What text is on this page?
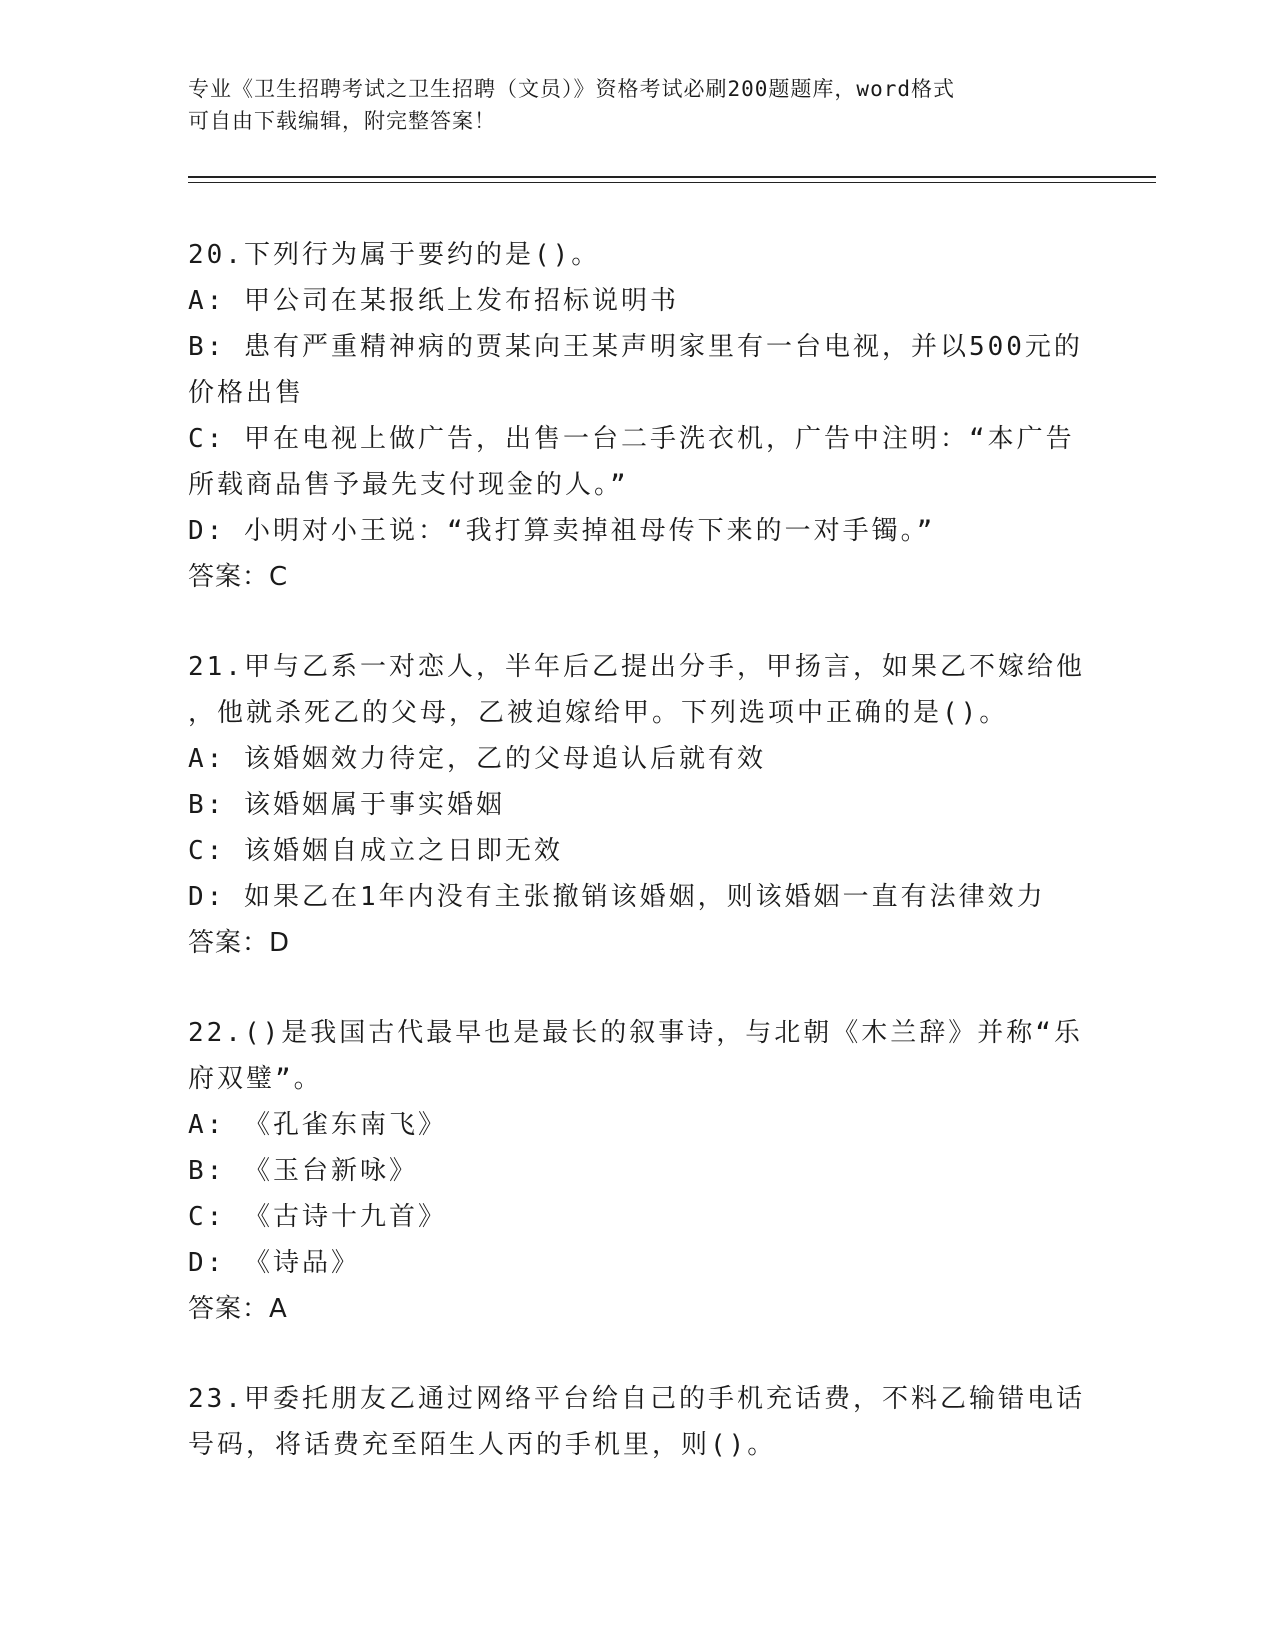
专业《卫生招聘考试之卫生招聘（文员）》资格考试必刷200题题库，word格式
可自由下载编辑，附完整答案！
20.下列行为属于要约的是()。
A: 甲公司在某报纸上发布招标说明书
B: 患有严重精神病的贾某向王某声明家里有一台电视，并以500元的
价格出售
C: 甲在电视上做广告，出售一台二手洗衣机，广告中注明：“本广告
所载商品售予最先支付现金的人。”
D: 小明对小王说：“我打算卖掉祖母传下来的一对手镯。”
答案：C
21.甲与乙系一对恋人，半年后乙提出分手，甲扬言，如果乙不嫁给他
，他就杀死乙的父母，乙被迫嫁给甲。下列选项中正确的是()。
A: 该婚姻效力待定，乙的父母追认后就有效
B: 该婚姻属于事实婚姻
C: 该婚姻自成立之日即无效
D: 如果乙在1年内没有主张撤销该婚姻，则该婚姻一直有法律效力
答案：D
22.()是我国古代最早也是最长的叙事诗，与北朝《木兰辞》并称“乐
府双璧”。
A: 《孔雀东南飞》
B: 《玉台新咏》
C: 《古诗十九首》
D: 《诗品》
答案：A
23.甲委托朋友乙通过网络平台给自己的手机充话费，不料乙输错电话
号码，将话费充至陌生人丙的手机里，则()。
